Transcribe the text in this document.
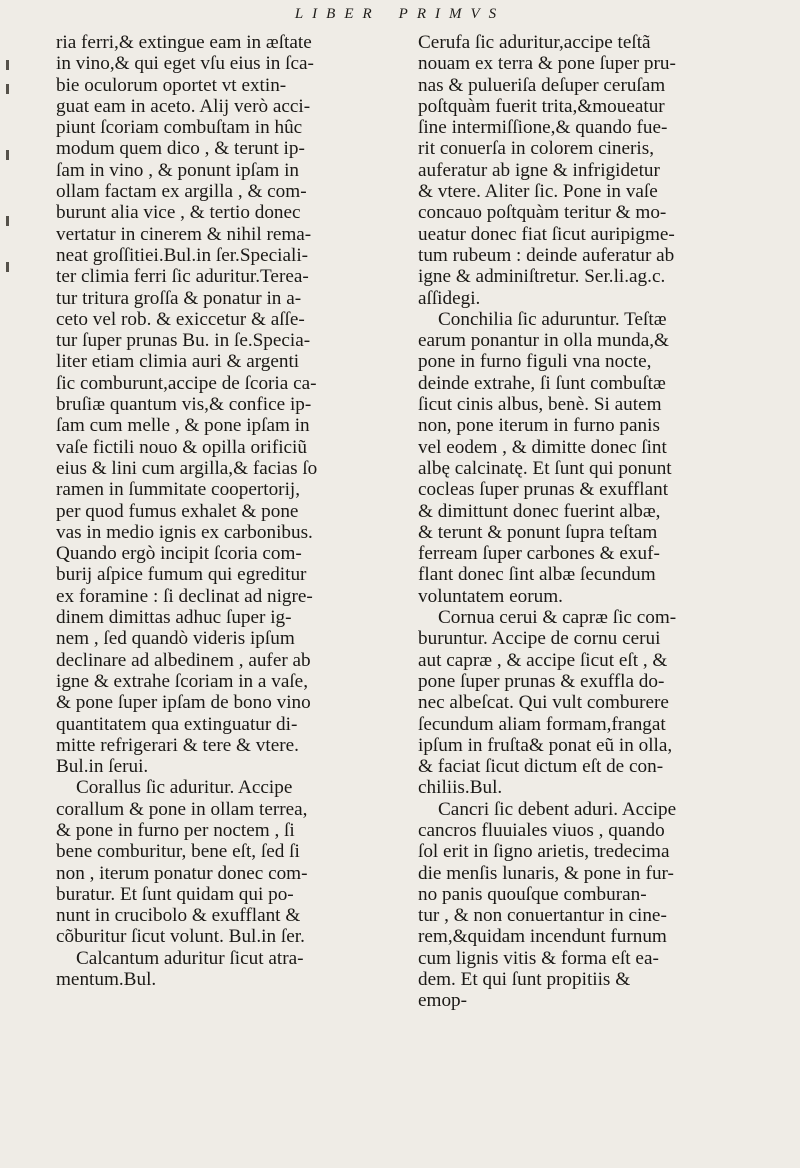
LIBER PRIMVS
ria ferri,& extingue eam in æſtate
in vino,& qui eget vſu eius in ſca-
bie oculorum oportet vt extin-
guat eam in aceto. Alij verò acci-
piunt ſcoriam combuſtam in hûc
modum quem dico , & terunt ip-
ſam in vino , & ponunt ipſam in
ollam factam ex argilla , & com-
burunt alia vice , & tertio donec
vertatur in cinerem & nihil rema-
neat groſſitiei.Bul.in ſer.Speciali-
ter climia ferri ſic aduritur.Terea-
tur tritura groſſa & ponatur in a-
ceto vel rob. & exiccetur & aſſe-
tur ſuper prunas Bu. in ſe.Specia-
liter etiam climia auri & argenti
ſic comburunt,accipe de ſcoria ca-
bruſiæ quantum vis,& confice ip-
ſam cum melle , & pone ipſam in
vaſe fictili nouo & opilla orificiũ
eius & lini cum argilla,& facias ſo
ramen in ſummitate coopertorij,
per quod fumus exhalet & pone
vas in medio ignis ex carbonibus.
Quando ergò incipit ſcoria com-
burij aſpice fumum qui egreditur
ex foramine : ſi declinat ad nigre-
dinem dimittas adhuc ſuper ig-
nem , ſed quandò videris ipſum
declinare ad albedinem , aufer ab
igne & extrahe ſcoriam in a vaſe,
& pone ſuper ipſam de bono vino
quantitatem qua extinguatur di-
mitte refrigerari & tere & vtere.
Bul.in ſerui.
Corallus ſic aduritur. Accipe
corallum & pone in ollam terrea,
& pone in furno per noctem , ſi
bene comburitur, bene eſt, ſed ſi
non , iterum ponatur donec com-
buratur. Et ſunt quidam qui po-
nunt in crucibolo & exufflant &
cõburitur ſicut volunt. Bul.in ſer.
Calcantum aduritur ſicut atra-
mentum.Bul.
Cerufa ſic aduritur,accipe teſtã
nouam ex terra & pone ſuper pru-
nas & pulueriſa deſuper ceruſam
poſtquàm fuerit trita,&moueatur
ſine intermiſſione,& quando fue-
rit conuerſa in colorem cineris,
auferatur ab igne & infrigidetur
& vtere. Aliter ſic. Pone in vaſe
concauo poſtquàm teritur & mo-
ueatur donec fiat ſicut auripigme-
tum rubeum : deinde auferatur ab
igne & adminiſtretur. Ser.li.ag.c.
aſſidegi.
Conchilia ſic aduruntur. Teſtæ
earum ponantur in olla munda,&
pone in furno figuli vna nocte,
deinde extrahe, ſi ſunt combuſtæ
ſicut cinis albus, benè. Si autem
non, pone iterum in furno panis
vel eodem , & dimitte donec ſint
albę calcinatę. Et ſunt qui ponunt
cocleas ſuper prunas & exufflant
& dimittunt donec fuerint albæ,
& terunt & ponunt ſupra teſtam
ferream ſuper carbones & exuf-
flant donec ſint albæ ſecundum
voluntatem eorum.
Cornua cerui & capræ ſic com-
buruntur. Accipe de cornu cerui
aut capræ , & accipe ſicut eſt , &
pone ſuper prunas & exuffla do-
nec albeſcat. Qui vult comburere
ſecundum aliam formam,frangat
ipſum in fruſta& ponat eũ in olla,
& faciat ſicut dictum eſt de con-
chiliis.Bul.
Cancri ſic debent aduri. Accipe
cancros fluuiales viuos , quando
ſol erit in ſigno arietis, tredecima
die menſis lunaris, & pone in fur-
no panis quouſque comburan-
tur , & non conuertantur in cine-
rem,&quidam incendunt furnum
cum lignis vitis & forma eſt ea-
dem. Et qui ſunt propitiis &
emop-
